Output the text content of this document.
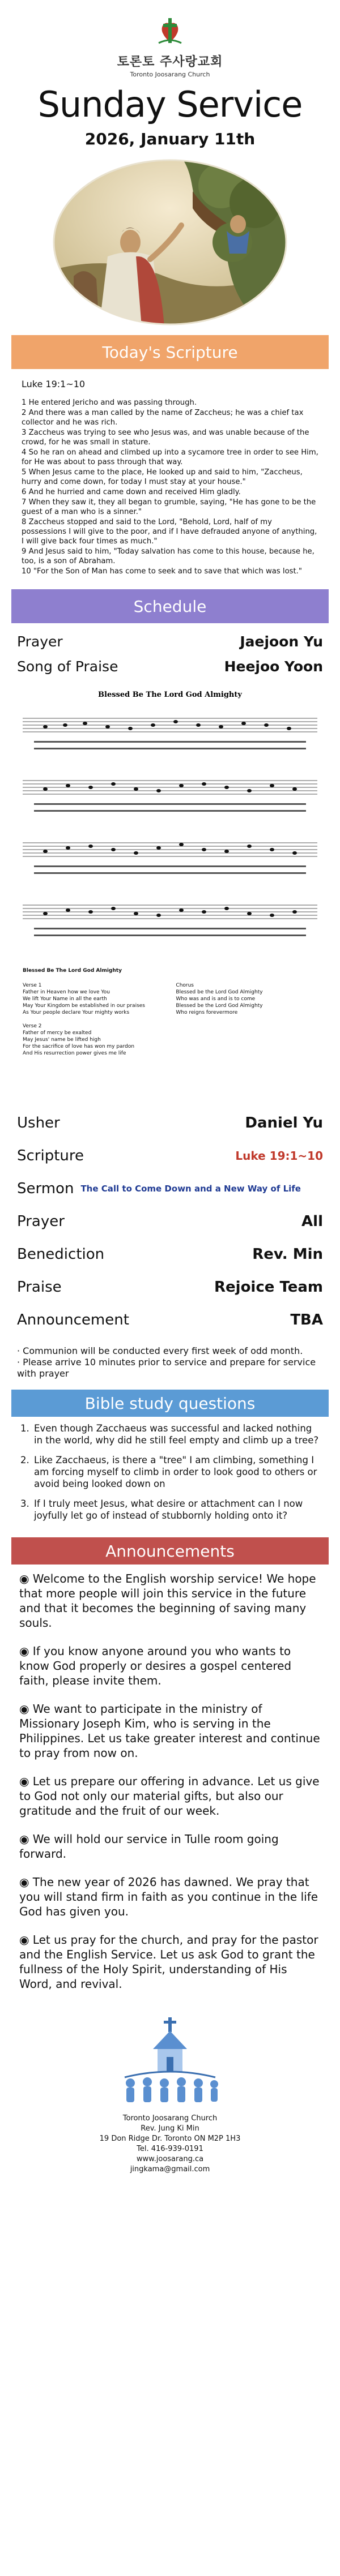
토론토 주사랑교회
Toronto Joosarang Church
Sunday Service
2026, January 11th
Today's Scripture
Luke 19:1~10
1 He entered Jericho and was passing through.
2 And there was a man called by the name of Zaccheus; he was a chief tax collector and he was rich.
3 Zaccheus was trying to see who Jesus was, and was unable because of the crowd, for he was small in stature.
4 So he ran on ahead and climbed up into a sycamore tree in order to see Him, for He was about to pass through that way.
5 When Jesus came to the place, He looked up and said to him, "Zaccheus, hurry and come down, for today I must stay at your house."
6 And he hurried and came down and received Him gladly.
7 When they saw it, they all began to grumble, saying, "He has gone to be the guest of a man who is a sinner."
8 Zaccheus stopped and said to the Lord, "Behold, Lord, half of my possessions I will give to the poor, and if I have defrauded anyone of anything, I will give back four times as much."
9 And Jesus said to him, "Today salvation has come to this house, because he, too, is a son of Abraham.
10 "For the Son of Man has come to seek and to save that which was lost."
Schedule
Prayer	Jaejoon Yu
Song of Praise	Heejoo Yoon
Blessed Be The Lord God Almighty
Blessed Be The Lord God Almighty
Verse 1
Father in Heaven how we love You
We lift Your Name in all the earth
May Your Kingdom be established in our praises
As Your people declare Your mighty works
Verse 2
Father of mercy be exalted
May Jesus' name be lifted high
For the sacrifice of love has won my pardon
And His resurrection power gives me life
Chorus
Blessed be the Lord God Almighty
Who was and is and is to come
Blessed be the Lord God Almighty
Who reigns forevermore
Usher	Daniel Yu
Scripture	Luke 19:1~10
Sermon The Call to Come Down and a New Way of Life
Prayer	All
Benediction	Rev. Min
Praise	Rejoice Team
Announcement	TBA
· Communion will be conducted every first week of odd month.
· Please arrive 10 minutes prior to service and prepare for service with prayer
Bible study questions
1. Even though Zacchaeus was successful and lacked nothing in the world, why did he still feel empty and climb up a tree?
2. Like Zacchaeus, is there a "tree" I am climbing, something I am forcing myself to climb in order to look good to others or avoid being looked down on
3. If I truly meet Jesus, what desire or attachment can I now joyfully let go of instead of stubbornly holding onto it?
Announcements
◉ Welcome to the English worship service! We hope that more people will join this service in the future and that it becomes the beginning of saving many souls.
◉ If you know anyone around you who wants to know God properly or desires a gospel centered faith, please invite them.
◉ We want to participate in the ministry of Missionary Joseph Kim, who is serving in the Philippines. Let us take greater interest and continue to pray from now on.
◉ Let us prepare our offering in advance. Let us give to God not only our material gifts, but also our gratitude and the fruit of our week.
◉ We will hold our service in Tulle room going forward.
◉ The new year of 2026 has dawned. We pray that you will stand firm in faith as you continue in the life God has given you.
◉ Let us pray for the church, and pray for the pastor and the English Service. Let us ask God to grant the fullness of the Holy Spirit, understanding of His Word, and revival.
Toronto Joosarang Church
Rev. Jung Ki Min
19 Don Ridge Dr. Toronto ON M2P 1H3
Tel. 416-939-0191
www.joosarang.ca
jingkama@gmail.com
